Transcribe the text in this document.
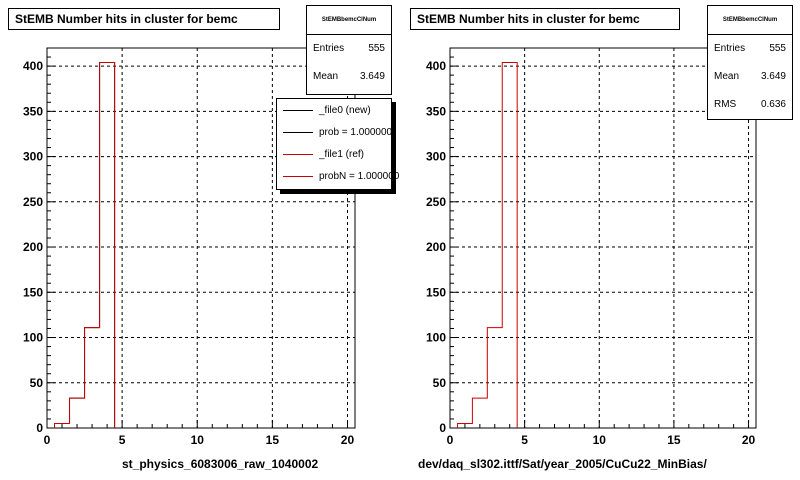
0	5	10	15	20
0
50
100
150
200
250
300
350
400
0	5	10	15	20
0
50
100
150
200
250
300
350
400
StEMB Number hits in cluster for bemc	StEMB Number hits in cluster for bemc
StEMBbemcClNum
Entries 555
Mean 3.649
StEMBbemcClNum
Entries 555
Mean 3.649
RMS 0.636
_file0 (new)
prob = 1.000000
_file1 (ref)
probN = 1.000000
st_physics_6083006_raw_1040002	dev/daq_sl302.ittf/Sat/year_2005/CuCu22_MinBias/
